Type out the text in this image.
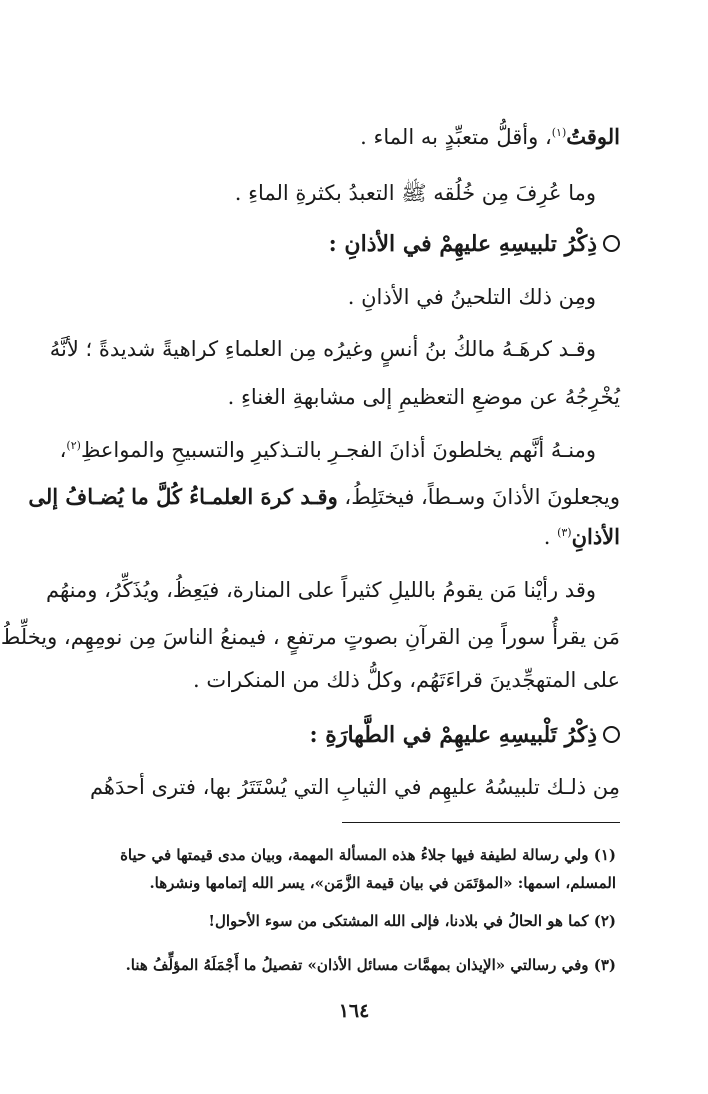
الوقتُ$^{(١)}$، وأقلُّ متعبِّدٍ به الماء .
وما عُرِفَ مِن خُلُقه ﷺ التعبدُ بكثرةِ الماءِ .
ذِكْرُ تلبيسِهِ عليهِمْ في الأذانِ :
ومِن ذلك التلحينُ في الأذانِ .
وقـد كرهَـهُ مالكُ بنُ أنسٍ وغيرُه مِن العلماءِ كراهيةً شديدةً ؛ لأنَّهُ
يُخْرِجُهُ عن موضعِ التعظيمِ إلى مشابهةِ الغناءِ .
ومنـهُ أنَّهم يخلطونَ أذانَ الفجـرِ بالتـذكيرِ والتسبيحِ والمواعظِ$^{(٢)}$،
ويجعلونَ الأذانَ وسـطاً، فيختَلِطُ، وقـد كرهَ العلمـاءُ كُلَّ ما يُضـافُ إلى
الأذانِ$^{(٣)}$ .
وقد رأيْنا مَن يقومُ بالليلِ كثيراً على المنارة، فيَعِظُ، ويُذَكِّرُ، ومنهُم
مَن يقرأُ سوراً مِن القرآنِ بصوتٍ مرتفعٍ ، فيمنعُ الناسَ مِن نومِهِم، ويخلِّطُ
على المتهجِّدينَ قراءَتَهُم، وكلُّ ذلك من المنكرات .
ذِكْرُ تَلْبيسِهِ عليهِمْ في الطَّهارَةِ :
مِن ذلـك تلبيسُهُ عليهِم في الثيابِ التي يُسْتَتَرُ بها، فترى أحدَهُم
(١) ولي رسالة لطيفة فيها جلاءُ هذه المسألة المهمة، وبيان مدى قيمتها في حياة
المسلم، اسمها: «المؤتَمَن في بيان قيمة الزَّمَن»، يسر الله إتمامها ونشرها.
(٢) كما هو الحالُ في بلادنا، فإلى الله المشتكى من سوء الأحوال!
(٣) وفي رسالتي «الإيذان بمهمَّات مسائل الأذان» تفصيلُ ما أَجْمَلَهُ المؤلِّفُ هنا.
١٦٤
